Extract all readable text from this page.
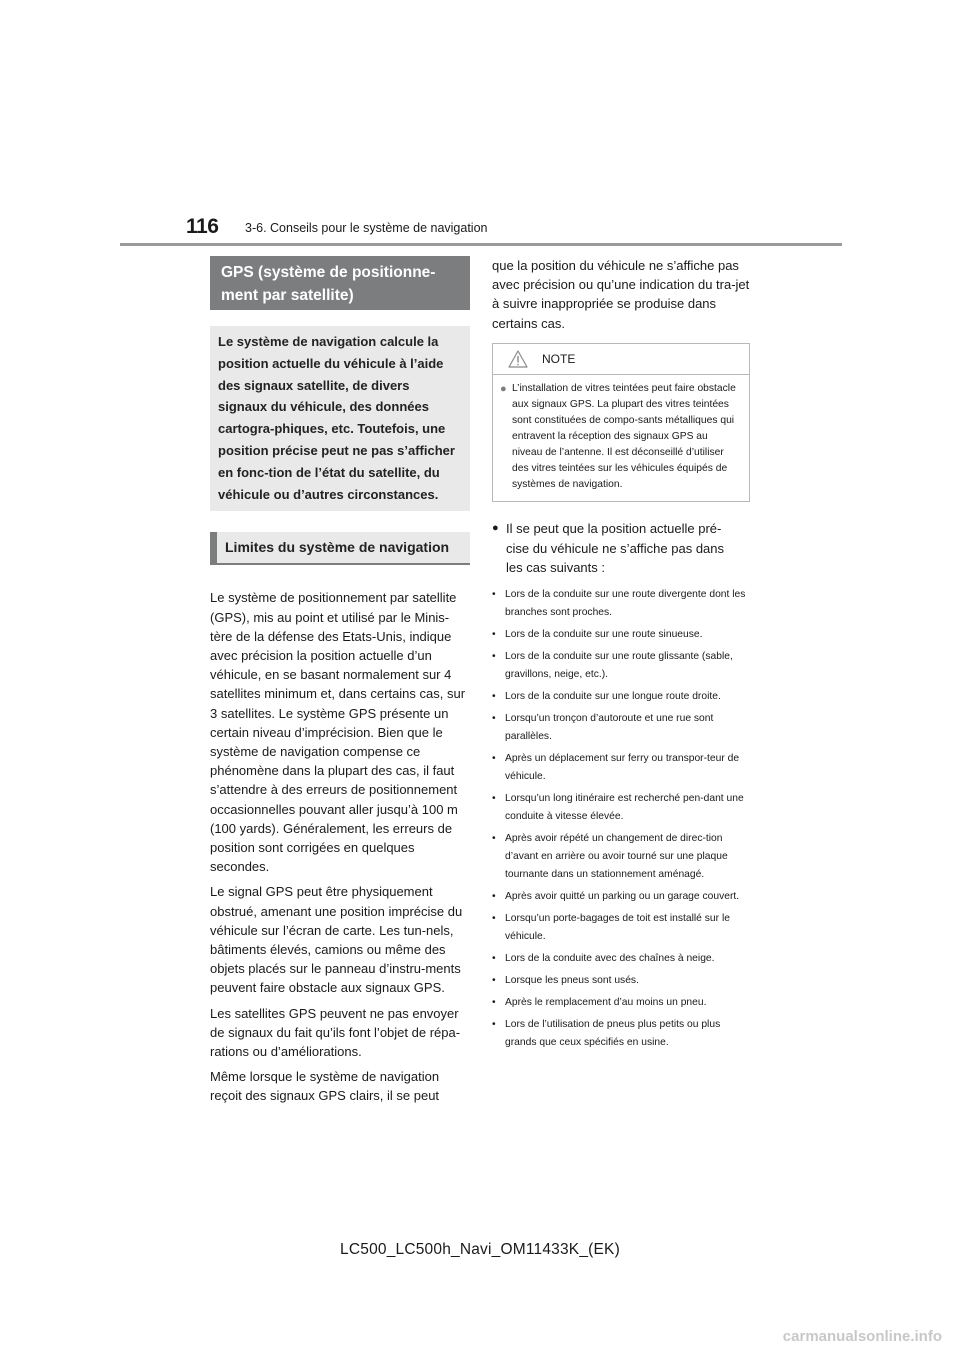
116 3-6. Conseils pour le système de navigation
GPS (système de positionne-
ment par satellite)
Le système de navigation calcule la position actuelle du véhicule à l’aide des signaux satellite, de divers signaux du véhicule, des données cartogra-phiques, etc. Toutefois, une position précise peut ne pas s’afficher en fonc-tion de l’état du satellite, du véhicule ou d’autres circonstances.
Limites du système de navigation

Le système de positionnement par satellite (GPS), mis au point et utilisé par le Minis-tère de la défense des Etats-Unis, indique avec précision la position actuelle d’un véhicule, en se basant normalement sur 4 satellites minimum et, dans certains cas, sur 3 satellites. Le système GPS présente un certain niveau d’imprécision. Bien que le système de navigation compense ce phénomène dans la plupart des cas, il faut s’attendre à des erreurs de positionnement occasionnelles pouvant aller jusqu’à 100 m (100 yards). Généralement, les erreurs de position sont corrigées en quelques secondes.

Le signal GPS peut être physiquement obstrué, amenant une position imprécise du véhicule sur l’écran de carte. Les tun-nels, bâtiments élevés, camions ou même des objets placés sur le panneau d’instru-ments peuvent faire obstacle aux signaux GPS.

Les satellites GPS peuvent ne pas envoyer de signaux du fait qu’ils font l’objet de répa-rations ou d’améliorations.

Même lorsque le système de navigation reçoit des signaux GPS clairs, il se peut

que la position du véhicule ne s’affiche pas avec précision ou qu’une indication du tra-jet à suivre inappropriée se produise dans certains cas.

NOTE
● L’installation de vitres teintées peut faire obstacle aux signaux GPS. La plupart des vitres teintées sont constituées de compo-sants métalliques qui entravent la réception des signaux GPS au niveau de l’antenne. Il est déconseillé d’utiliser des vitres teintées sur les véhicules équipés de systèmes de navigation.
● Il se peut que la position actuelle pré-cise du véhicule ne s’affiche pas dans les cas suivants :
• Lors de la conduite sur une route divergente dont les branches sont proches.
• Lors de la conduite sur une route sinueuse.
• Lors de la conduite sur une route glissante (sable, gravillons, neige, etc.).
• Lors de la conduite sur une longue route droite.
• Lorsqu’un tronçon d’autoroute et une rue sont parallèles.
• Après un déplacement sur ferry ou transpor-teur de véhicule.
• Lorsqu’un long itinéraire est recherché pen-dant une conduite à vitesse élevée.
• Après avoir répété un changement de direc-tion d’avant en arrière ou avoir tourné sur une plaque tournante dans un stationnement aménagé.
• Après avoir quitté un parking ou un garage couvert.
• Lorsqu’un porte-bagages de toit est installé sur le véhicule.
• Lors de la conduite avec des chaînes à neige.
• Lorsque les pneus sont usés.
• Après le remplacement d’au moins un pneu.
• Lors de l’utilisation de pneus plus petits ou plus grands que ceux spécifiés en usine.
LC500_LC500h_Navi_OM11433K_(EK)
carmanualsonline.info
